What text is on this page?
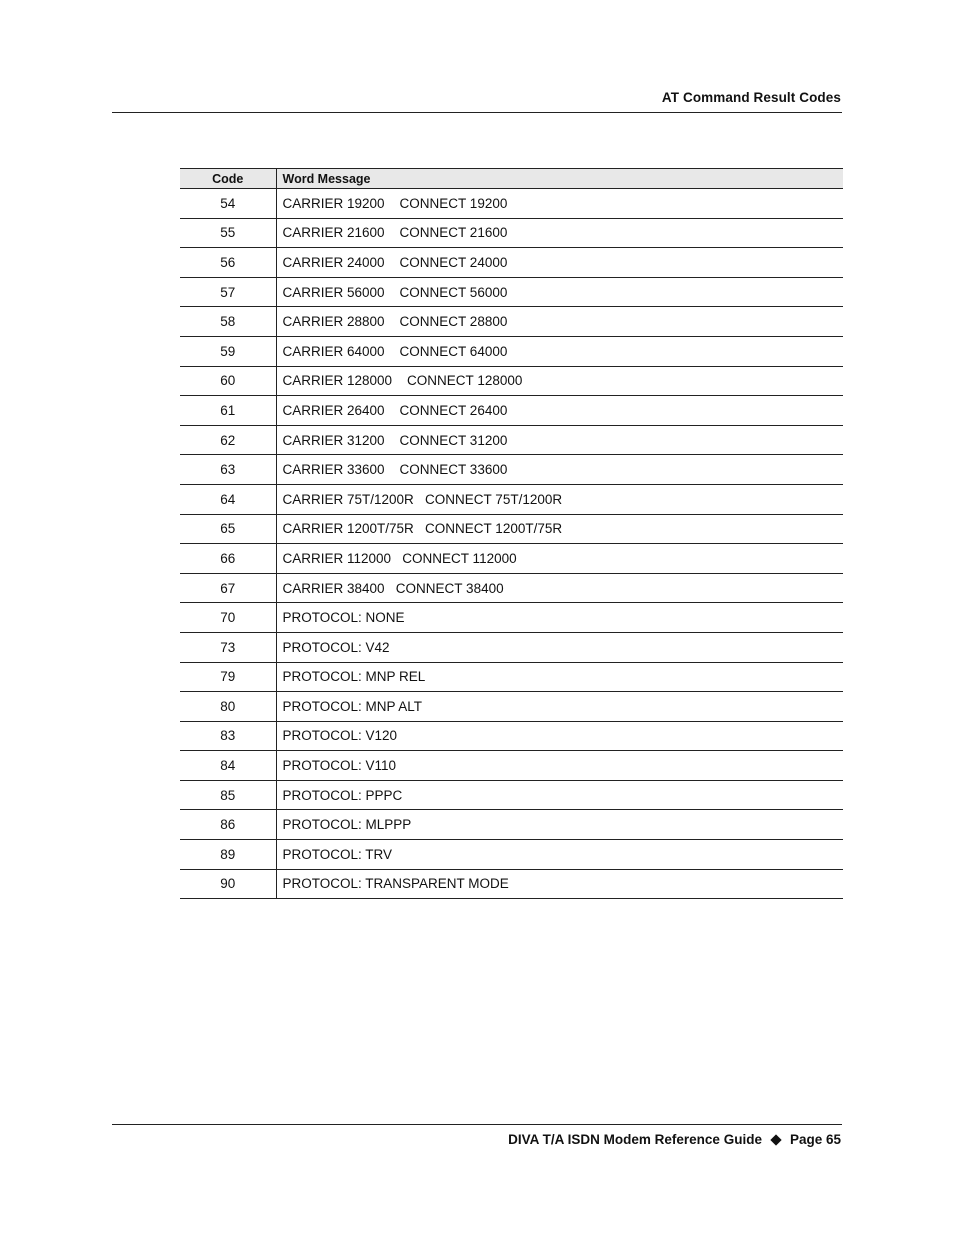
AT Command Result Codes
Code	Word Message
54	CARRIER 19200    CONNECT 19200
55	CARRIER 21600    CONNECT 21600
56	CARRIER 24000    CONNECT 24000
57	CARRIER 56000    CONNECT 56000
58	CARRIER 28800    CONNECT 28800
59	CARRIER 64000    CONNECT 64000
60	CARRIER 128000    CONNECT 128000
61	CARRIER 26400    CONNECT 26400
62	CARRIER 31200    CONNECT 31200
63	CARRIER 33600    CONNECT 33600
64	CARRIER 75T/1200R   CONNECT 75T/1200R
65	CARRIER 1200T/75R   CONNECT 1200T/75R
66	CARRIER 112000   CONNECT 112000
67	CARRIER 38400   CONNECT 38400
70	PROTOCOL: NONE
73	PROTOCOL: V42
79	PROTOCOL: MNP REL
80	PROTOCOL: MNP ALT
83	PROTOCOL: V120
84	PROTOCOL: V110
85	PROTOCOL: PPPC
86	PROTOCOL: MLPPP
89	PROTOCOL: TRV
90	PROTOCOL: TRANSPARENT MODE
DIVA T/A ISDN Modem Reference Guide Page 65
